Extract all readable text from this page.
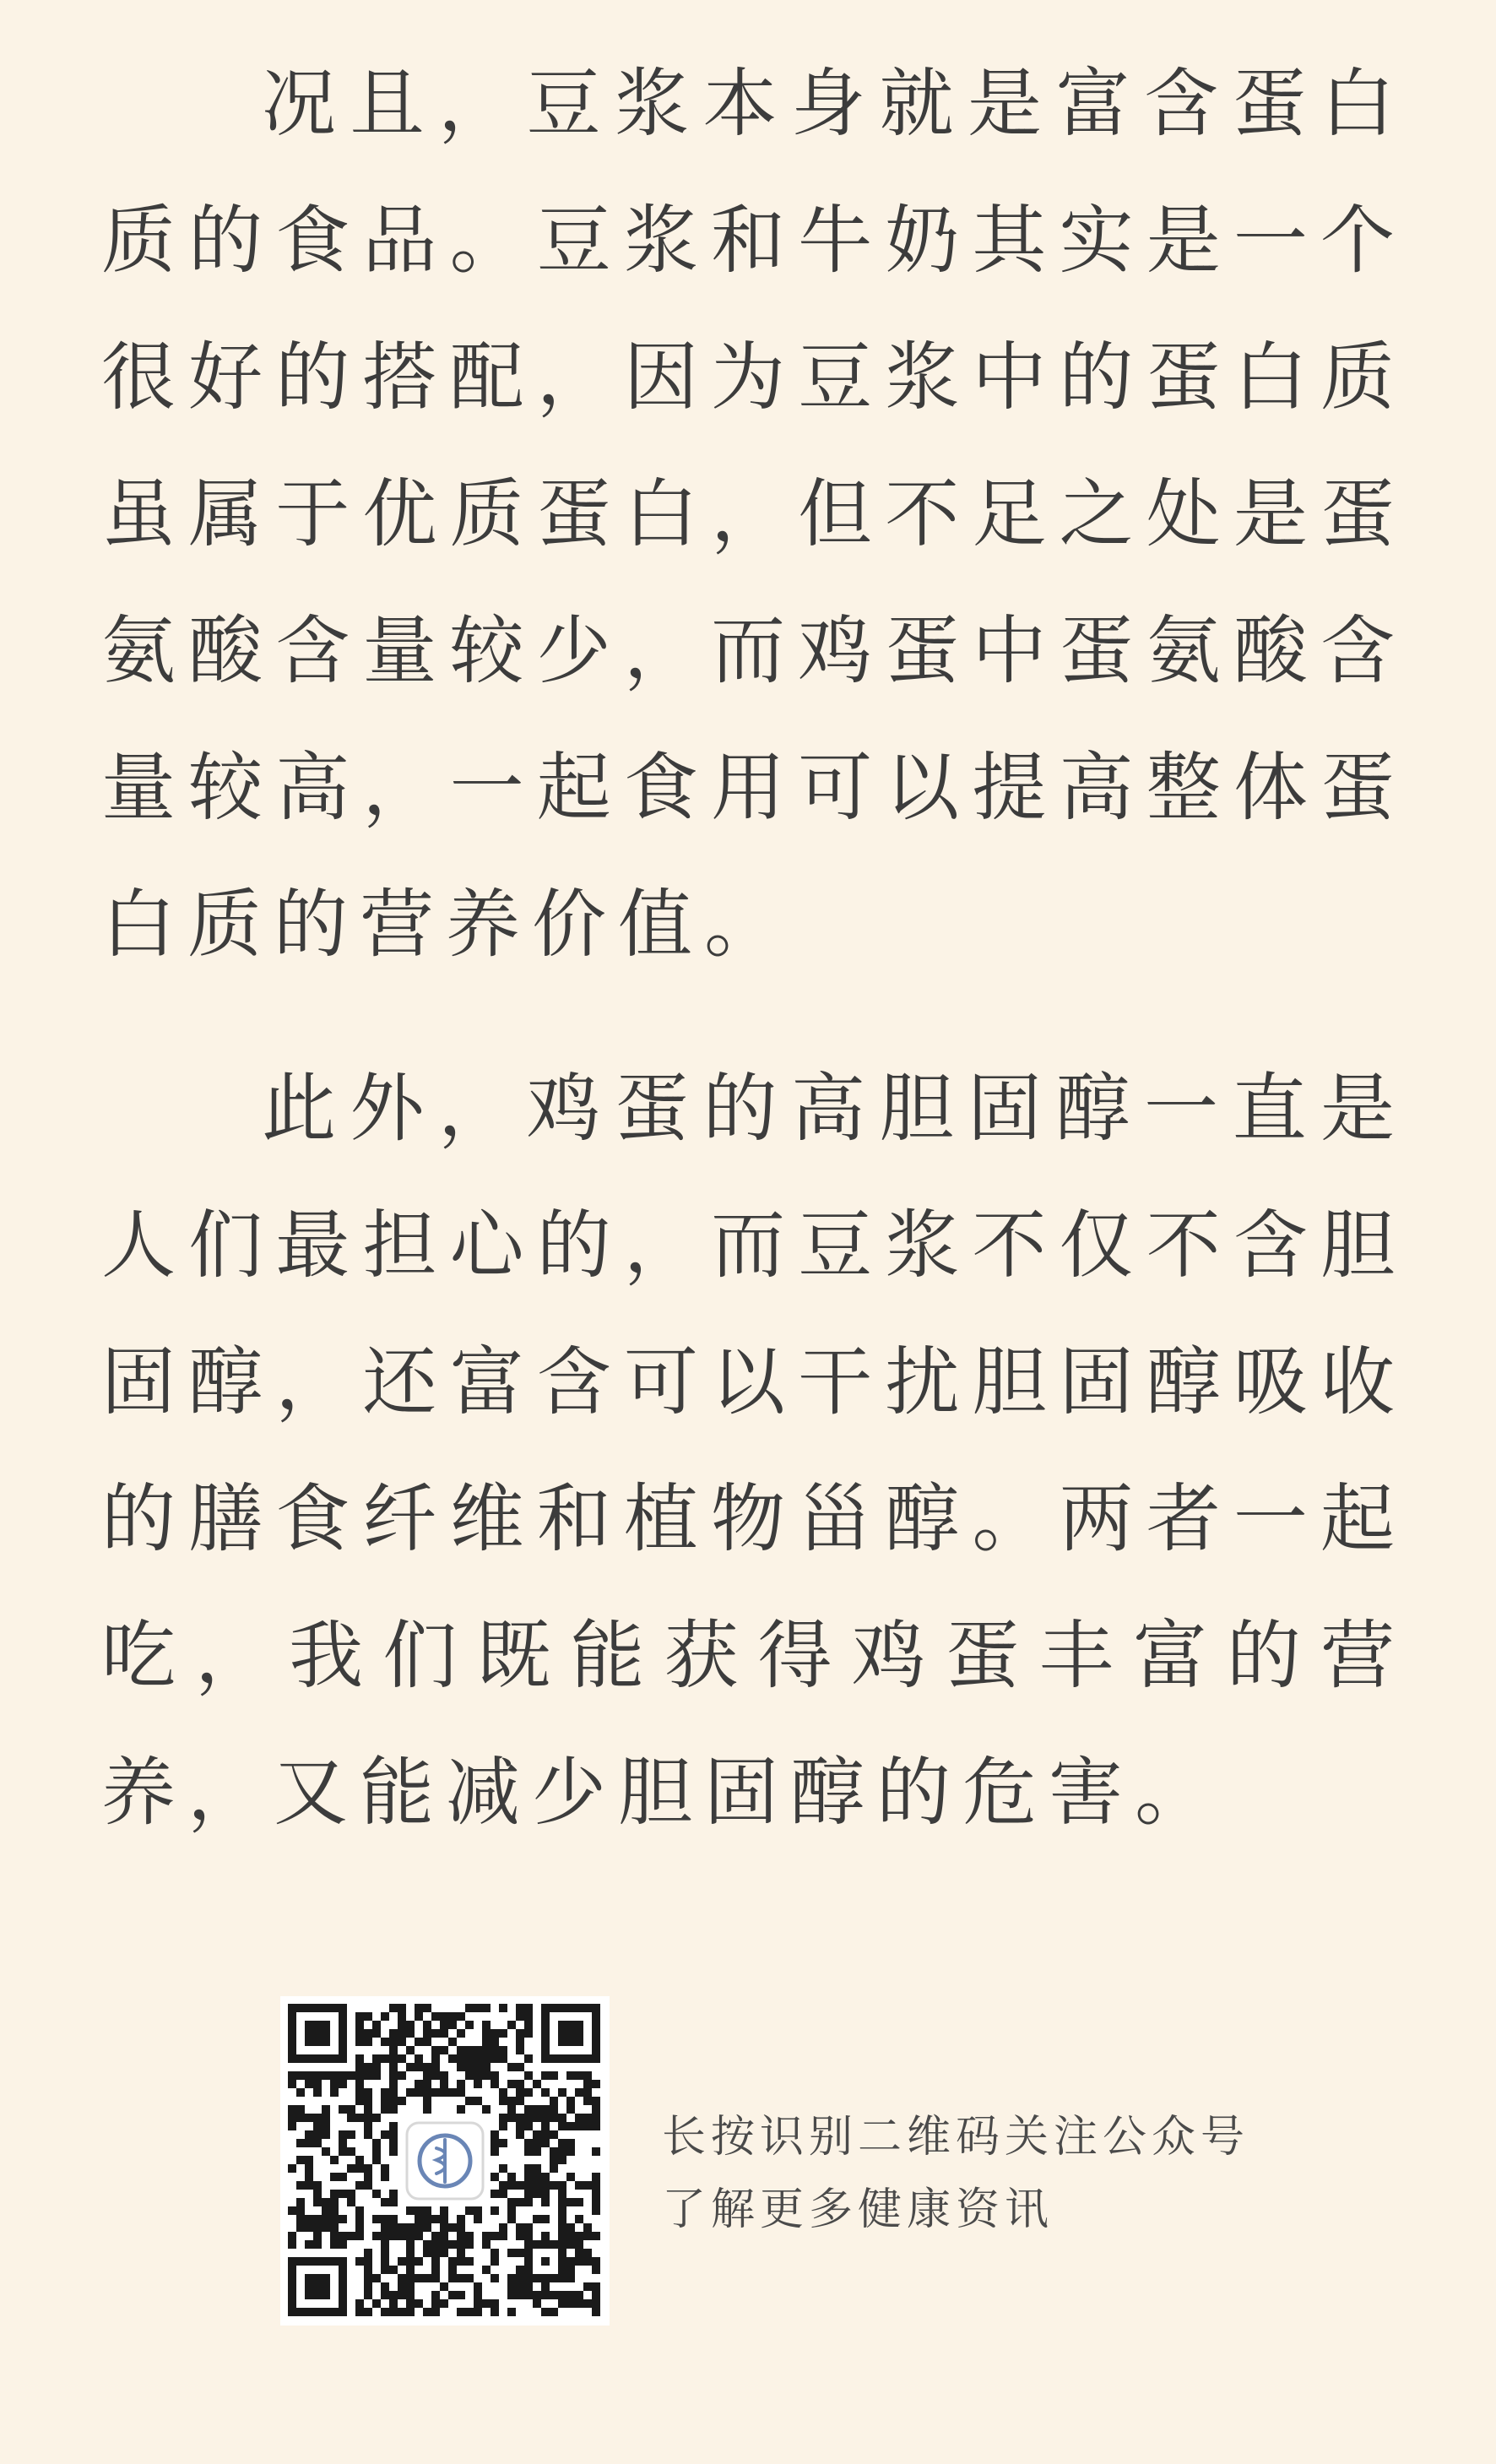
况且，豆浆本身就是富含蛋白质的食品。豆浆和牛奶其实是一个很好的搭配，因为豆浆中的蛋白质虽属于优质蛋白，但不足之处是蛋氨酸含量较少，而鸡蛋中蛋氨酸含量较高，一起食用可以提高整体蛋白质的营养价值。

此外，鸡蛋的高胆固醇一直是人们最担心的，而豆浆不仅不含胆固醇，还富含可以干扰胆固醇吸收的膳食纤维和植物甾醇。两者一起吃，我们既能获得鸡蛋丰富的营养，又能减少胆固醇的危害。

长按识别二维码关注公众号
了解更多健康资讯
